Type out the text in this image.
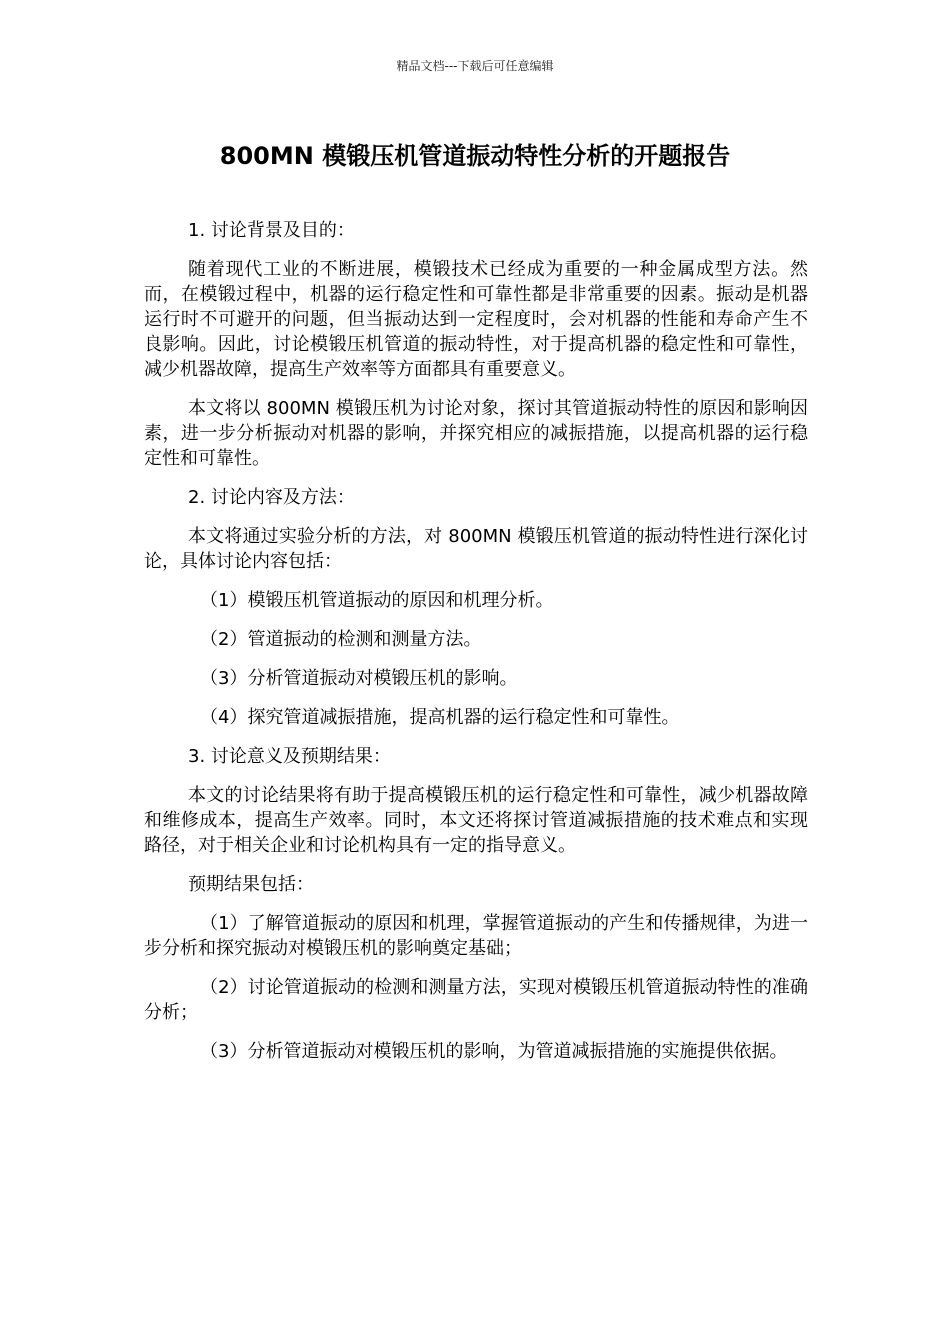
精品文档---下载后可任意编辑
800MN 模锻压机管道振动特性分析的开题报告

1. 讨论背景及目的：

随着现代工业的不断进展，模锻技术已经成为重要的一种金属成型方法。然而，在模锻过程中，机器的运行稳定性和可靠性都是非常重要的因素。振动是机器运行时不可避开的问题，但当振动达到一定程度时，会对机器的性能和寿命产生不良影响。因此，讨论模锻压机管道的振动特性，对于提高机器的稳定性和可靠性，减少机器故障，提高生产效率等方面都具有重要意义。

本文将以 800MN 模锻压机为讨论对象，探讨其管道振动特性的原因和影响因素，进一步分析振动对机器的影响，并探究相应的减振措施，以提高机器的运行稳定性和可靠性。

2. 讨论内容及方法：

本文将通过实验分析的方法，对 800MN 模锻压机管道的振动特性进行深化讨论，具体讨论内容包括：

（1）模锻压机管道振动的原因和机理分析。

（2）管道振动的检测和测量方法。

（3）分析管道振动对模锻压机的影响。

（4）探究管道减振措施，提高机器的运行稳定性和可靠性。

3. 讨论意义及预期结果：

本文的讨论结果将有助于提高模锻压机的运行稳定性和可靠性，减少机器故障和维修成本，提高生产效率。同时，本文还将探讨管道减振措施的技术难点和实现路径，对于相关企业和讨论机构具有一定的指导意义。

预期结果包括：

（1）了解管道振动的原因和机理，掌握管道振动的产生和传播规律，为进一步分析和探究振动对模锻压机的影响奠定基础；

（2）讨论管道振动的检测和测量方法，实现对模锻压机管道振动特性的准确分析；

（3）分析管道振动对模锻压机的影响，为管道减振措施的实施提供依据。
